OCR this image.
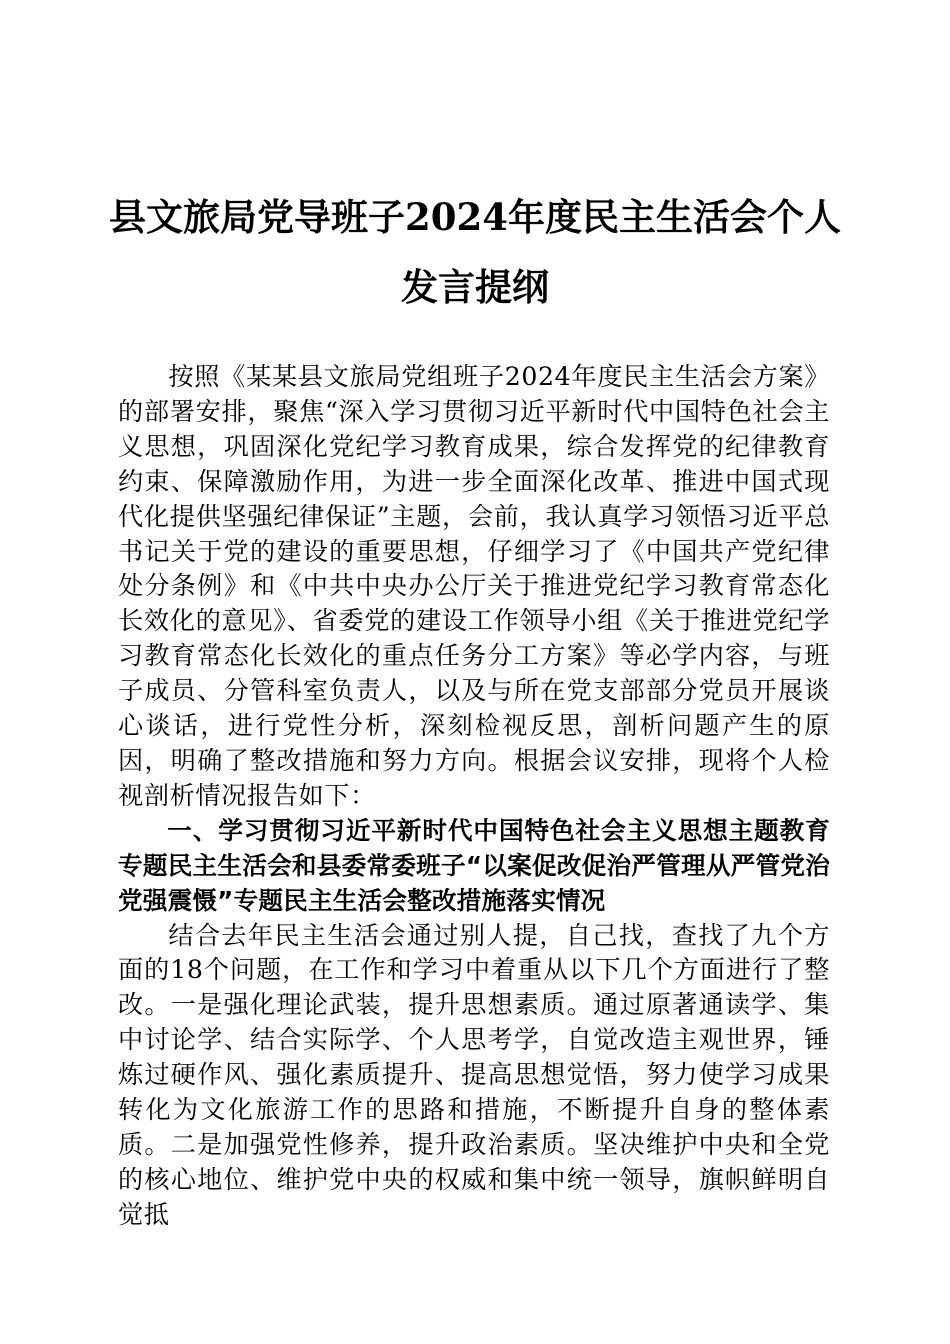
县文旅局党导班子2024年度民主生活会个人发言提纲

按照《某某县文旅局党组班子2024年度民主生活会方案》的部署安排，聚焦“深入学习贯彻习近平新时代中国特色社会主义思想，巩固深化党纪学习教育成果，综合发挥党的纪律教育约束、保障激励作用，为进一步全面深化改革、推进中国式现代化提供坚强纪律保证”主题，会前，我认真学习领悟习近平总书记关于党的建设的重要思想，仔细学习了《中国共产党纪律处分条例》和《中共中央办公厅关于推进党纪学习教育常态化长效化的意见》、省委党的建设工作领导小组《关于推进党纪学习教育常态化长效化的重点任务分工方案》等必学内容，与班子成员、分管科室负责人，以及与所在党支部部分党员开展谈心谈话，进行党性分析，深刻检视反思，剖析问题产生的原因，明确了整改措施和努力方向。根据会议安排，现将个人检视剖析情况报告如下：

一、学习贯彻习近平新时代中国特色社会主义思想主题教育专题民主生活会和县委常委班子“以案促改促治严管理从严管党治党强震慑”专题民主生活会整改措施落实情况

结合去年民主生活会通过别人提，自己找，查找了九个方面的18个问题，在工作和学习中着重从以下几个方面进行了整改。一是强化理论武装，提升思想素质。通过原著通读学、集中讨论学、结合实际学、个人思考学，自觉改造主观世界，锤炼过硬作风、强化素质提升、提高思想觉悟，努力使学习成果转化为文化旅游工作的思路和措施，不断提升自身的整体素质。二是加强党性修养，提升政治素质。坚决维护中央和全党的核心地位、维护党中央的权威和集中统一领导，旗帜鲜明自觉抵
